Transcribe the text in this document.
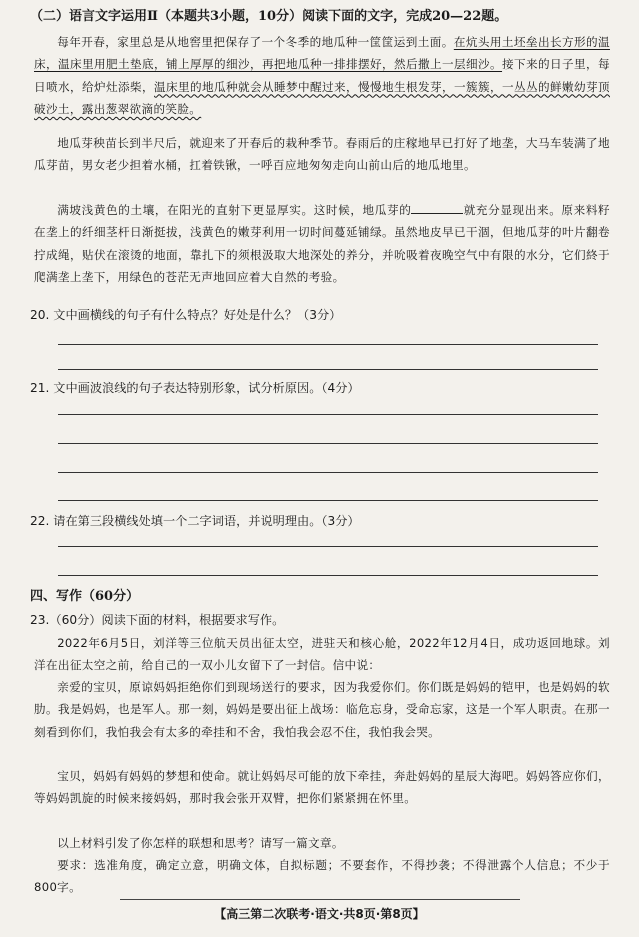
（二）语言文字运用Ⅱ（本题共3小题，10分）阅读下面的文字，完成20—22题。
每年开春，家里总是从地窖里把保存了一个冬季的地瓜种一筐筐运到土面。在炕头用土坯垒出长方形的温床，温床里用肥土垫底，铺上厚厚的细沙，再把地瓜种一排排摆好，然后撒上一层细沙。接下来的日子里，每日喷水，给炉灶添柴，温床里的地瓜种就会从睡梦中醒过来，慢慢地生根发芽，一簇簇，一丛丛的鲜嫩幼芽顶破沙土，露出葱翠欲滴的笑脸。
地瓜芽秧苗长到半尺后，就迎来了开春后的栽种季节。春雨后的庄稼地早已打好了地垄，大马车装满了地瓜芽苗，男女老少担着水桶，扛着铁锹，一呼百应地匆匆走向山前山后的地瓜地里。
满坡浅黄色的土壤，在阳光的直射下更显厚实。这时候，地瓜芽的	就充分显现出来。原来料籽在垄上的纤细茎杆日渐挺拔，浅黄色的嫩芽利用一切时间蔓延铺绿。虽然地皮早已干涸，但地瓜芽的叶片翻卷拧成绳，贴伏在滚烫的地面，靠扎下的须根汲取大地深处的养分，并吮吸着夜晚空气中有限的水分，它们終于爬满垄上垄下，用绿色的苍茫无声地回应着大自然的考验。
20. 文中画横线的句子有什么特点？好处是什么？（3分）
21. 文中画波浪线的句子表达特别形象，试分析原因。（4分）
22. 请在第三段横线处填一个二字词语，并说明理由。（3分）
四、写作（60分）
23.（60分）阅读下面的材料，根据要求写作。
2022年6月5日，刘洋等三位航天员出征太空，进驻天和核心舱，2022年12月4日，成功返回地球。刘洋在出征太空之前，给自己的一双小儿女留下了一封信。信中说：
亲爱的宝贝，原谅妈妈拒绝你们到现场送行的要求，因为我爱你们。你们既是妈妈的铠甲，也是妈妈的软肋。我是妈妈，也是军人。那一刻，妈妈是要出征上战场：临危忘身，受命忘家，这是一个军人职责。在那一刻看到你们，我怕我会有太多的牵挂和不舍，我怕我会忍不住，我怕我会哭。
宝贝，妈妈有妈妈的梦想和使命。就让妈妈尽可能的放下牵挂，奔赴妈妈的星辰大海吧。妈妈答应你们，等妈妈凯旋的时候来接妈妈，那时我会张开双臂，把你们紧紧拥在怀里。
以上材料引发了你怎样的联想和思考？请写一篇文章。
要求：选准角度，确定立意，明确文体，自拟标题；不要套作，不得抄袭；不得泄露个人信息；不少于800字。
【高三第二次联考·语文·共8页·第8页】
